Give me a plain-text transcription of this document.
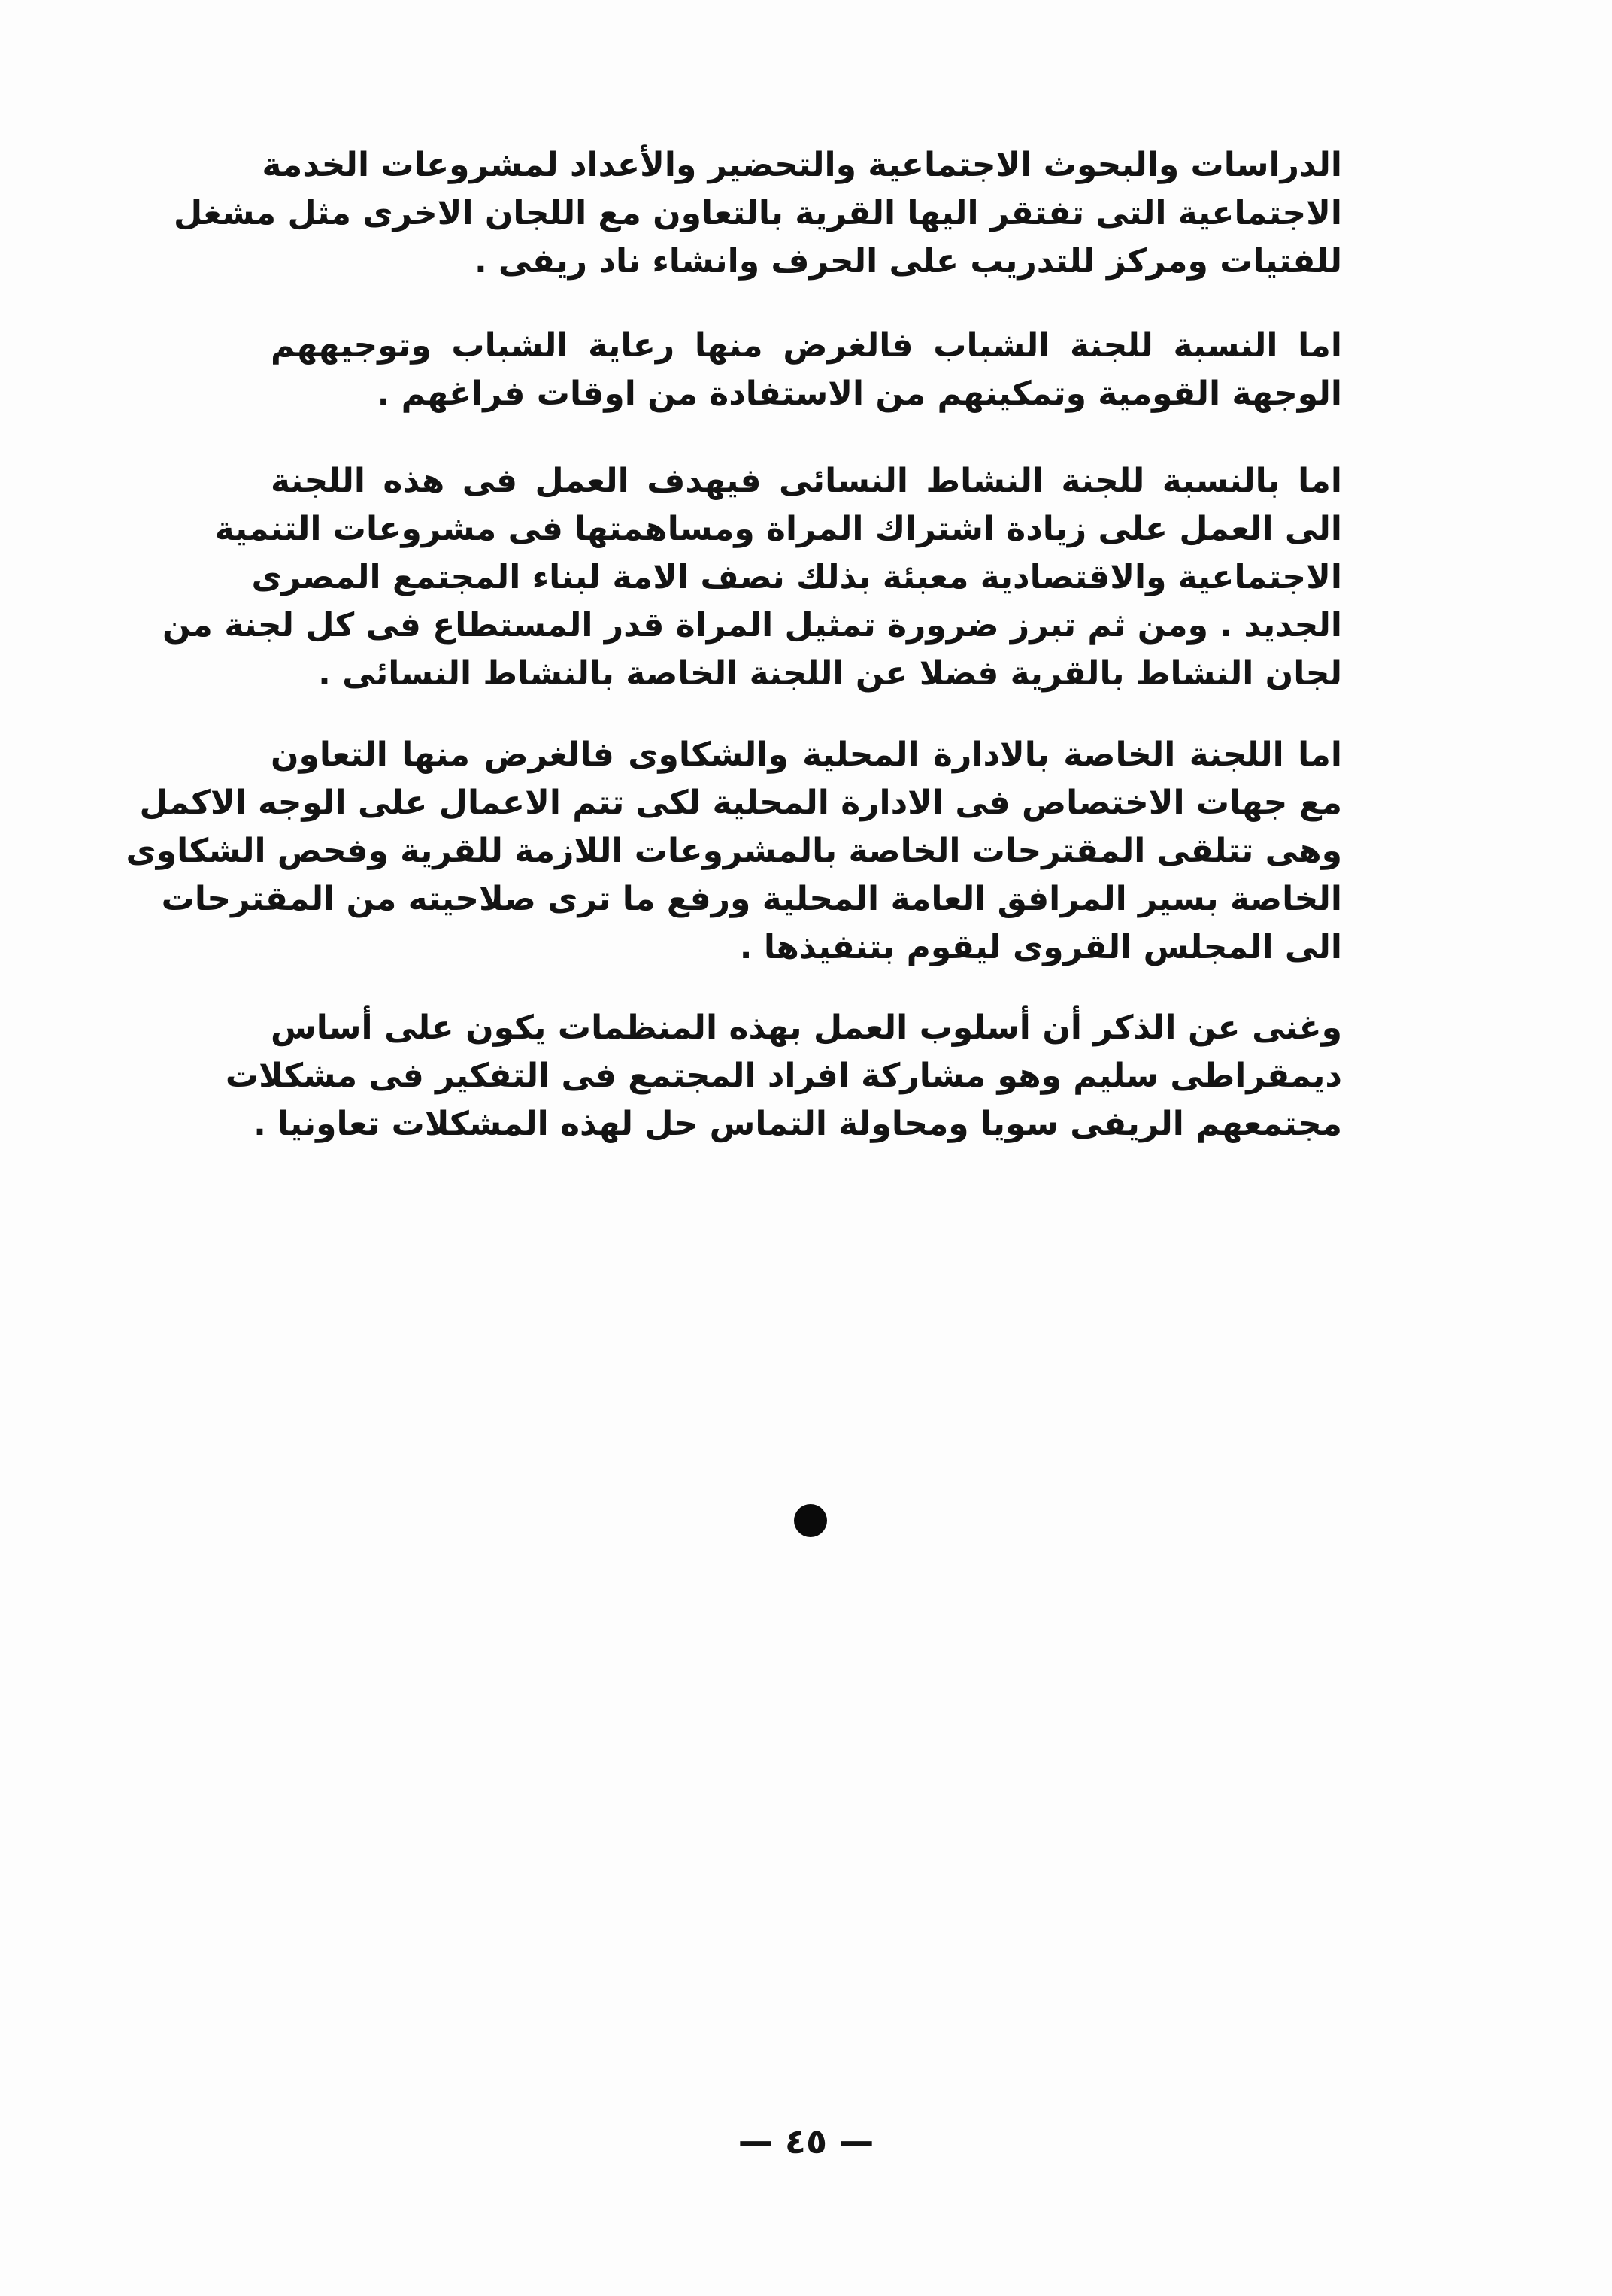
الدراسات والبحوث الاجتماعية والتحضير والأعداد لمشروعات الخدمة
الاجتماعية التى تفتقر اليها القرية بالتعاون مع اللجان الاخرى مثل مشغل
للفتيات ومركز للتدريب على الحرف وانشاء ناد ريفى .
اما النسبة للجنة الشباب فالغرض منها رعاية الشباب وتوجيههم
الوجهة القومية وتمكينهم من الاستفادة من اوقات فراغهم .
اما بالنسبة للجنة النشاط النسائى فيهدف العمل فى هذه اللجنة
الى العمل على زيادة اشتراك المراة ومساهمتها فى مشروعات التنمية
الاجتماعية والاقتصادية معبئة بذلك نصف الامة لبناء المجتمع المصرى
الجديد . ومن ثم تبرز ضرورة تمثيل المراة قدر المستطاع فى كل لجنة من
لجان النشاط بالقرية فضلا عن اللجنة الخاصة بالنشاط النسائى .
اما اللجنة الخاصة بالادارة المحلية والشكاوى فالغرض منها التعاون
مع جهات الاختصاص فى الادارة المحلية لكى تتم الاعمال على الوجه الاكمل
وهى تتلقى المقترحات الخاصة بالمشروعات اللازمة للقرية وفحص الشكاوى
الخاصة بسير المرافق العامة المحلية ورفع ما ترى صلاحيته من المقترحات
الى المجلس القروى ليقوم بتنفيذها .
وغنى عن الذكر أن أسلوب العمل بهذه المنظمات يكون على أساس
ديمقراطى سليم وهو مشاركة افراد المجتمع فى التفكير فى مشكلات
مجتمعهم الريفى سويا ومحاولة التماس حل لهذه المشكلات تعاونيا .
— ٤٥ —
